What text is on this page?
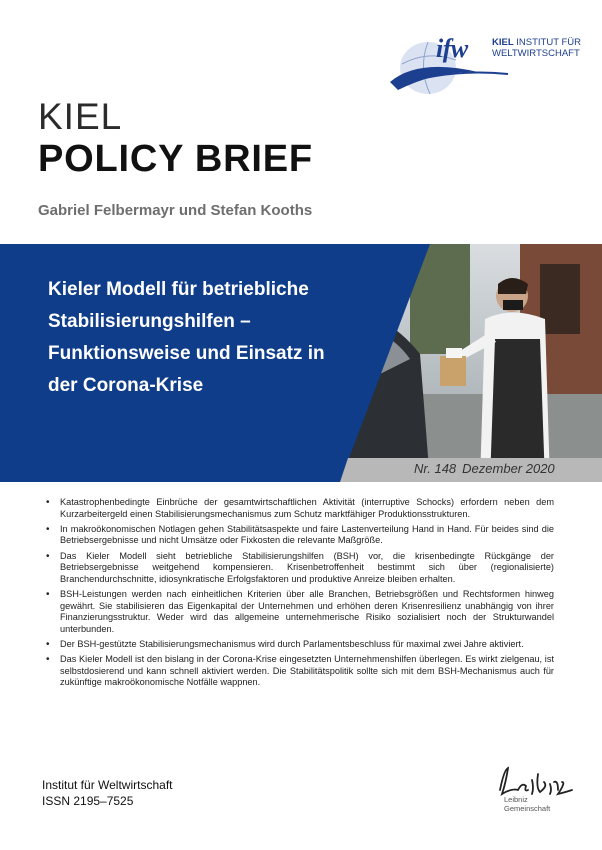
ifw	KIEL INSTITUT FÜR
WELTWIRTSCHAFT
KIEL
POLICY BRIEF
Gabriel Felbermayr und Stefan Kooths
Kieler Modell für betriebliche Stabilisierungshilfen – Funktionsweise und Einsatz in der Corona-Krise
Nr. 148 Dezember 2020
• Katastrophenbedingte Einbrüche der gesamtwirtschaftlichen Aktivität (interruptive Schocks) erfordern neben dem Kurzarbeitergeld einen Stabilisierungsmechanismus zum Schutz marktfähiger Produktionsstrukturen.
• In makroökonomischen Notlagen gehen Stabilitätsaspekte und faire Lastenverteilung Hand in Hand. Für beides sind die Betriebsergebnisse und nicht Umsätze oder Fixkosten die relevante Maßgröße.
• Das Kieler Modell sieht betriebliche Stabilisierungshilfen (BSH) vor, die krisenbedingte Rückgänge der Betriebsergebnisse weitgehend kompensieren. Krisenbetroffenheit bestimmt sich über (regionalisierte) Branchendurchschnitte, idiosynkratische Erfolgsfaktoren und produktive Anreize bleiben erhalten.
• BSH-Leistungen werden nach einheitlichen Kriterien über alle Branchen, Betriebsgrößen und Rechtsformen hinweg gewährt. Sie stabilisieren das Eigenkapital der Unternehmen und erhöhen deren Krisenresilienz unabhängig von ihrer Finanzierungsstruktur. Weder wird das allgemeine unternehmerische Risiko sozialisiert noch der Strukturwandel unterbunden.
• Der BSH-gestützte Stabilisierungsmechanismus wird durch Parlamentsbeschluss für maximal zwei Jahre aktiviert.
• Das Kieler Modell ist den bislang in der Corona-Krise eingesetzten Unternehmenshilfen überlegen. Es wirkt zielgenau, ist selbstdosierend und kann schnell aktiviert werden. Die Stabilitätspolitik sollte sich mit dem BSH-Mechanismus auch für zukünftige makroökonomische Notfälle wappnen.
Institut für Weltwirtschaft
ISSN 2195–7525	Leibniz
Gemeinschaft
